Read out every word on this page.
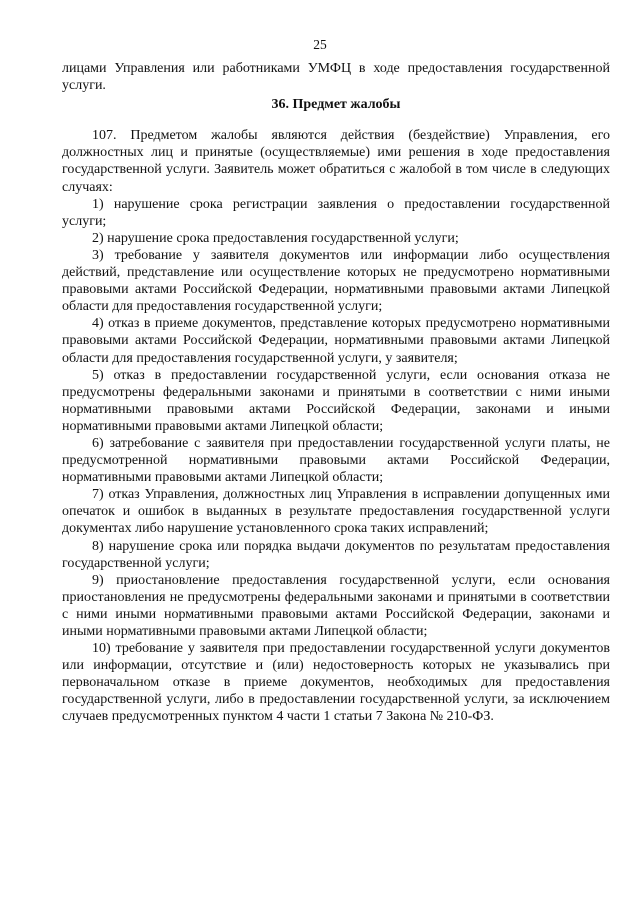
25

лицами Управления или работниками УМФЦ в ходе предоставления государственной услуги.

36. Предмет жалобы

107. Предметом жалобы являются действия (бездействие) Управления, его должностных лиц и принятые (осуществляемые) ими решения в ходе предоставления государственной услуги. Заявитель может обратиться с жалобой в том числе в следующих случаях:

1) нарушение срока регистрации заявления о предоставлении государственной услуги;

2) нарушение срока предоставления государственной услуги;

3) требование у заявителя документов или информации либо осуществления действий, представление или осуществление которых не предусмотрено нормативными правовыми актами Российской Федерации, нормативными правовыми актами Липецкой области для предоставления государственной услуги;

4) отказ в приеме документов, представление которых предусмотрено нормативными правовыми актами Российской Федерации, нормативными правовыми актами Липецкой области для предоставления государственной услуги, у заявителя;

5) отказ в предоставлении государственной услуги, если основания отказа не предусмотрены федеральными законами и принятыми в соответствии с ними иными нормативными правовыми актами Российской Федерации, законами и иными нормативными правовыми актами Липецкой области;

6) затребование с заявителя при предоставлении государственной услуги платы, не предусмотренной нормативными правовыми актами Российской Федерации, нормативными правовыми актами Липецкой области;

7) отказ Управления, должностных лиц Управления в исправлении допущенных ими опечаток и ошибок в выданных в результате предоставления государственной услуги документах либо нарушение установленного срока таких исправлений;

8) нарушение срока или порядка выдачи документов по результатам предоставления государственной услуги;

9) приостановление предоставления государственной услуги, если основания приостановления не предусмотрены федеральными законами и принятыми в соответствии с ними иными нормативными правовыми актами Российской Федерации, законами и иными нормативными правовыми актами Липецкой области;

10) требование у заявителя при предоставлении государственной услуги документов или информации, отсутствие и (или) недостоверность которых не указывались при первоначальном отказе в приеме документов, необходимых для предоставления государственной услуги, либо в предоставлении государственной услуги, за исключением случаев предусмотренных пунктом 4 части 1 статьи 7 Закона № 210-ФЗ.
